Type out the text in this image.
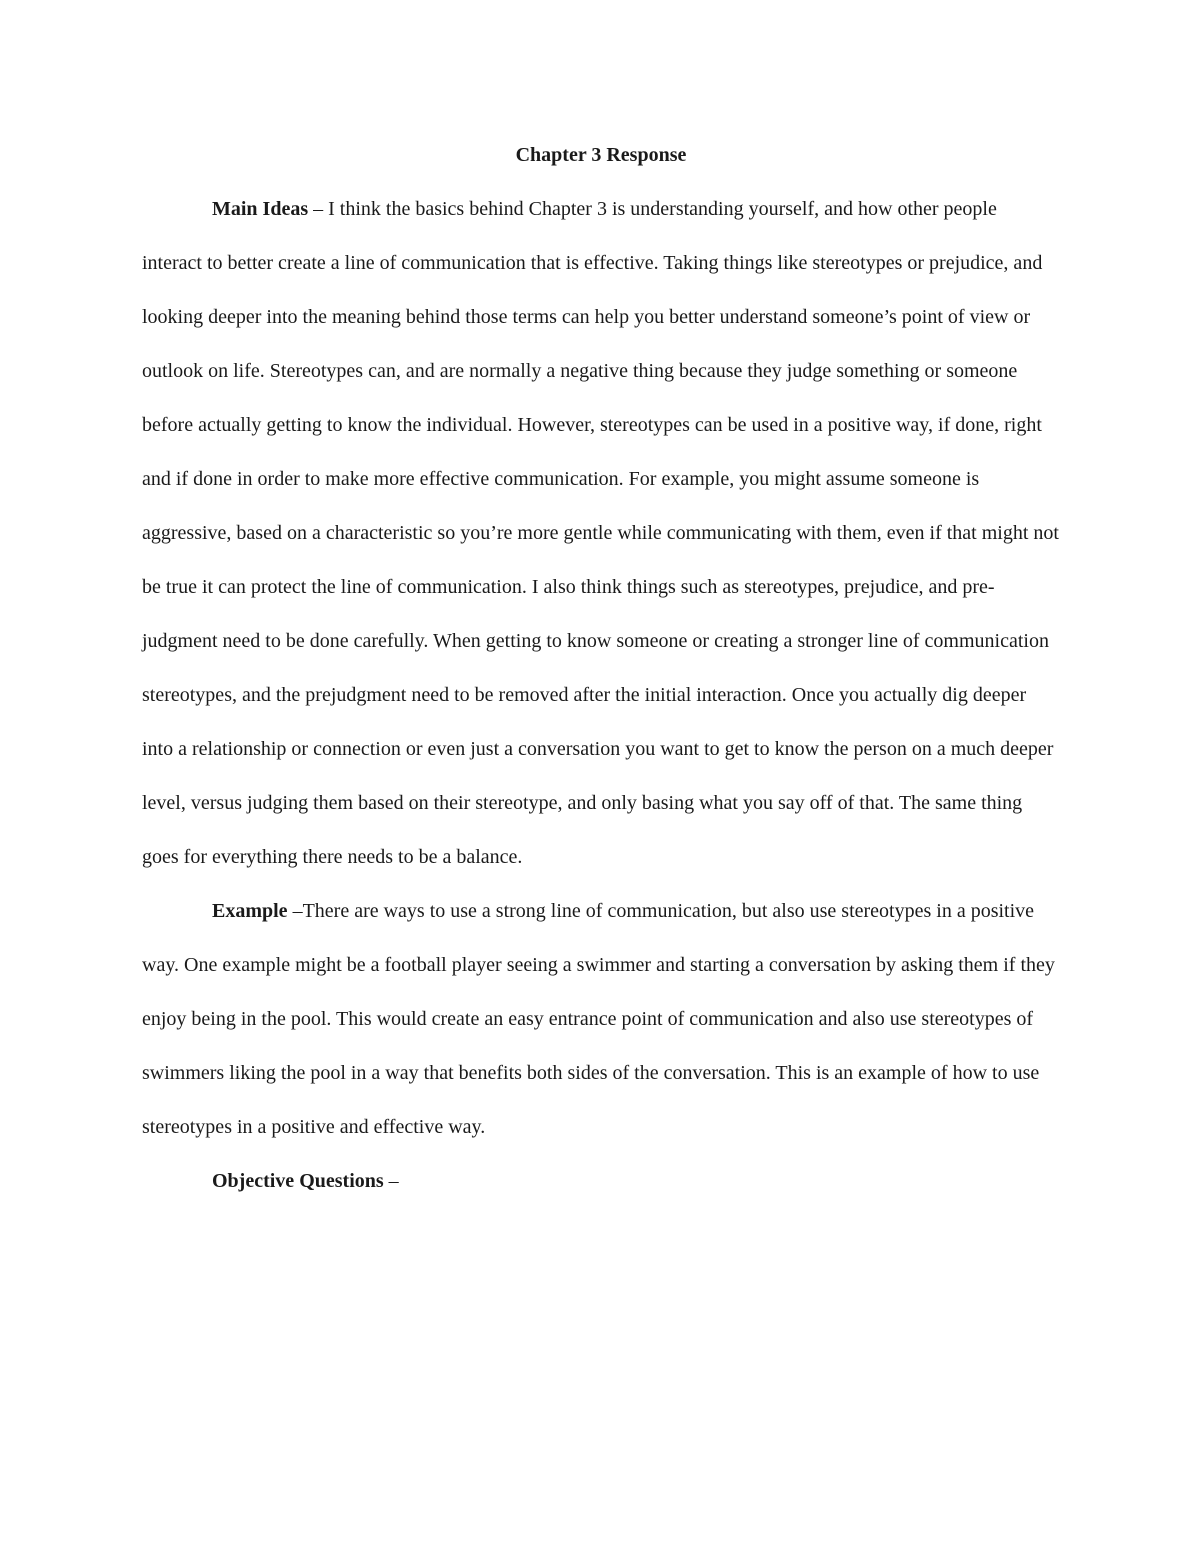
Chapter 3 Response

Main Ideas – I think the basics behind Chapter 3 is understanding yourself, and how other people interact to better create a line of communication that is effective. Taking things like stereotypes or prejudice, and looking deeper into the meaning behind those terms can help you better understand someone’s point of view or outlook on life. Stereotypes can, and are normally a negative thing because they judge something or someone before actually getting to know the individual. However, stereotypes can be used in a positive way, if done, right and if done in order to make more effective communication. For example, you might assume someone is aggressive, based on a characteristic so you’re more gentle while communicating with them, even if that might not be true it can protect the line of communication. I also think things such as stereotypes, prejudice, and pre-judgment need to be done carefully. When getting to know someone or creating a stronger line of communication stereotypes, and the prejudgment need to be removed after the initial interaction. Once you actually dig deeper into a relationship or connection or even just a conversation you want to get to know the person on a much deeper level, versus judging them based on their stereotype, and only basing what you say off of that. The same thing goes for everything there needs to be a balance.

Example –There are ways to use a strong line of communication, but also use stereotypes in a positive way. One example might be a football player seeing a swimmer and starting a conversation by asking them if they enjoy being in the pool. This would create an easy entrance point of communication and also use stereotypes of swimmers liking the pool in a way that benefits both sides of the conversation. This is an example of how to use stereotypes in a positive and effective way.

Objective Questions –
